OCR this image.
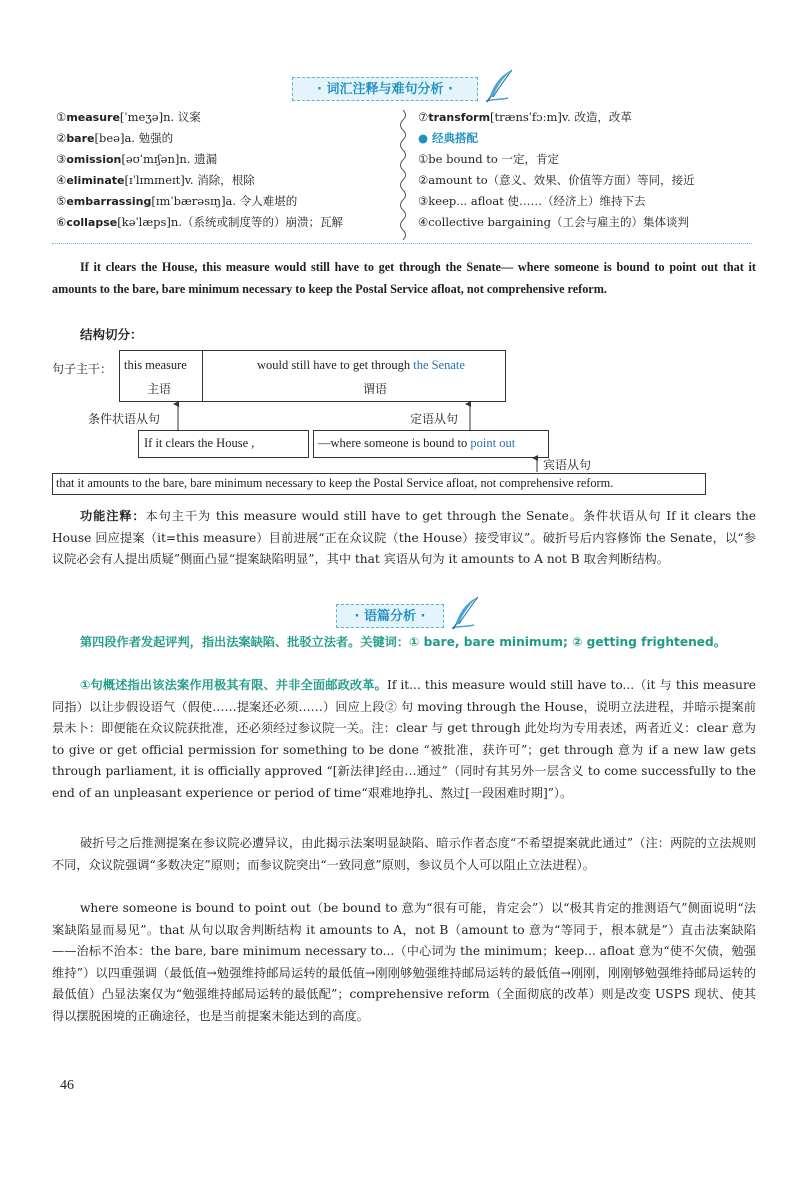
· 词汇注释与难句分析 ·
①measure[ˈmeʒə]n. 议案
②bare[beə]a. 勉强的
③omission[əʊˈmɪʃən]n. 遗漏
④eliminate[ɪˈlɪmɪneɪt]v. 消除，根除
⑤embarrassing[ɪmˈbærəsɪŋ]a. 令人难堪的
⑥collapse[kəˈlæps]n.（系统或制度等的）崩溃；瓦解
⑦transform[trænsˈfɔːm]v. 改造，改革
● 经典搭配
①be bound to 一定，肯定
②amount to（意义、效果、价值等方面）等同，接近
③keep... afloat 使……（经济上）维持下去
④collective bargaining（工会与雇主的）集体谈判
If it clears the House, this measure would still have to get through the Senate— where someone is bound to point out that it amounts to the bare, bare minimum necessary to keep the Postal Service afloat, not comprehensive reform.
结构切分：
句子主干： this measure
主语
would still have to get through the Senate
谓语
条件状语从句	定语从句
If it clears the House ,	—where someone is bound to point out
宾语从句
that it amounts to the bare, bare minimum necessary to keep the Postal Service afloat, not comprehensive reform.
功能注释：本句主干为 this measure would still have to get through the Senate。条件状语从句 If it clears the House 回应提案（it=this measure）目前进展“正在众议院（the House）接受审议”。破折号后内容修饰 the Senate，以“参议院必会有人提出质疑”侧面凸显“提案缺陷明显”，其中 that 宾语从句为 it amounts to A not B 取舍判断结构。
· 语篇分析 ·
第四段作者发起评判，指出法案缺陷、批驳立法者。关键词：① bare, bare minimum; ② getting frightened。
①句概述指出该法案作用极其有限、并非全面邮政改革。If it... this measure would still have to...（it 与 this measure 同指）以让步假设语气（假使……提案还必须……）回应上段② 句 moving through the House，说明立法进程，并暗示提案前景未卜：即便能在众议院获批准，还必须经过参议院一关。注：clear 与 get through 此处均为专用表述，两者近义：clear 意为 to give or get official permission for something to be done “被批准，获许可”；get through 意为 if a new law gets through parliament, it is officially approved “[新法律]经由…通过”（同时有其另外一层含义 to come successfully to the end of an unpleasant experience or period of time“艰难地挣扎、熬过[一段困难时期]”）。
破折号之后推测提案在参议院必遭异议，由此揭示法案明显缺陷、暗示作者态度“不希望提案就此通过”（注：两院的立法规则不同，众议院强调“多数决定”原则；而参议院突出“一致同意”原则，参议员个人可以阻止立法进程）。
where someone is bound to point out（be bound to 意为“很有可能，肯定会”）以“极其肯定的推测语气”侧面说明“法案缺陷显而易见”。that 从句以取舍判断结构 it amounts to A，not B（amount to 意为“等同于，根本就是”）直击法案缺陷——治标不治本：the bare, bare minimum necessary to...（中心词为 the minimum；keep... afloat 意为“使不欠债，勉强维持”）以四重强调（最低值→勉强维持邮局运转的最低值→刚刚够勉强维持邮局运转的最低值→刚刚，刚刚够勉强维持邮局运转的最低值）凸显法案仅为“勉强维持邮局运转的最低配”；comprehensive reform（全面彻底的改革）则是改变 USPS 现状、使其得以摆脱困境的正确途径，也是当前提案未能达到的高度。
46
